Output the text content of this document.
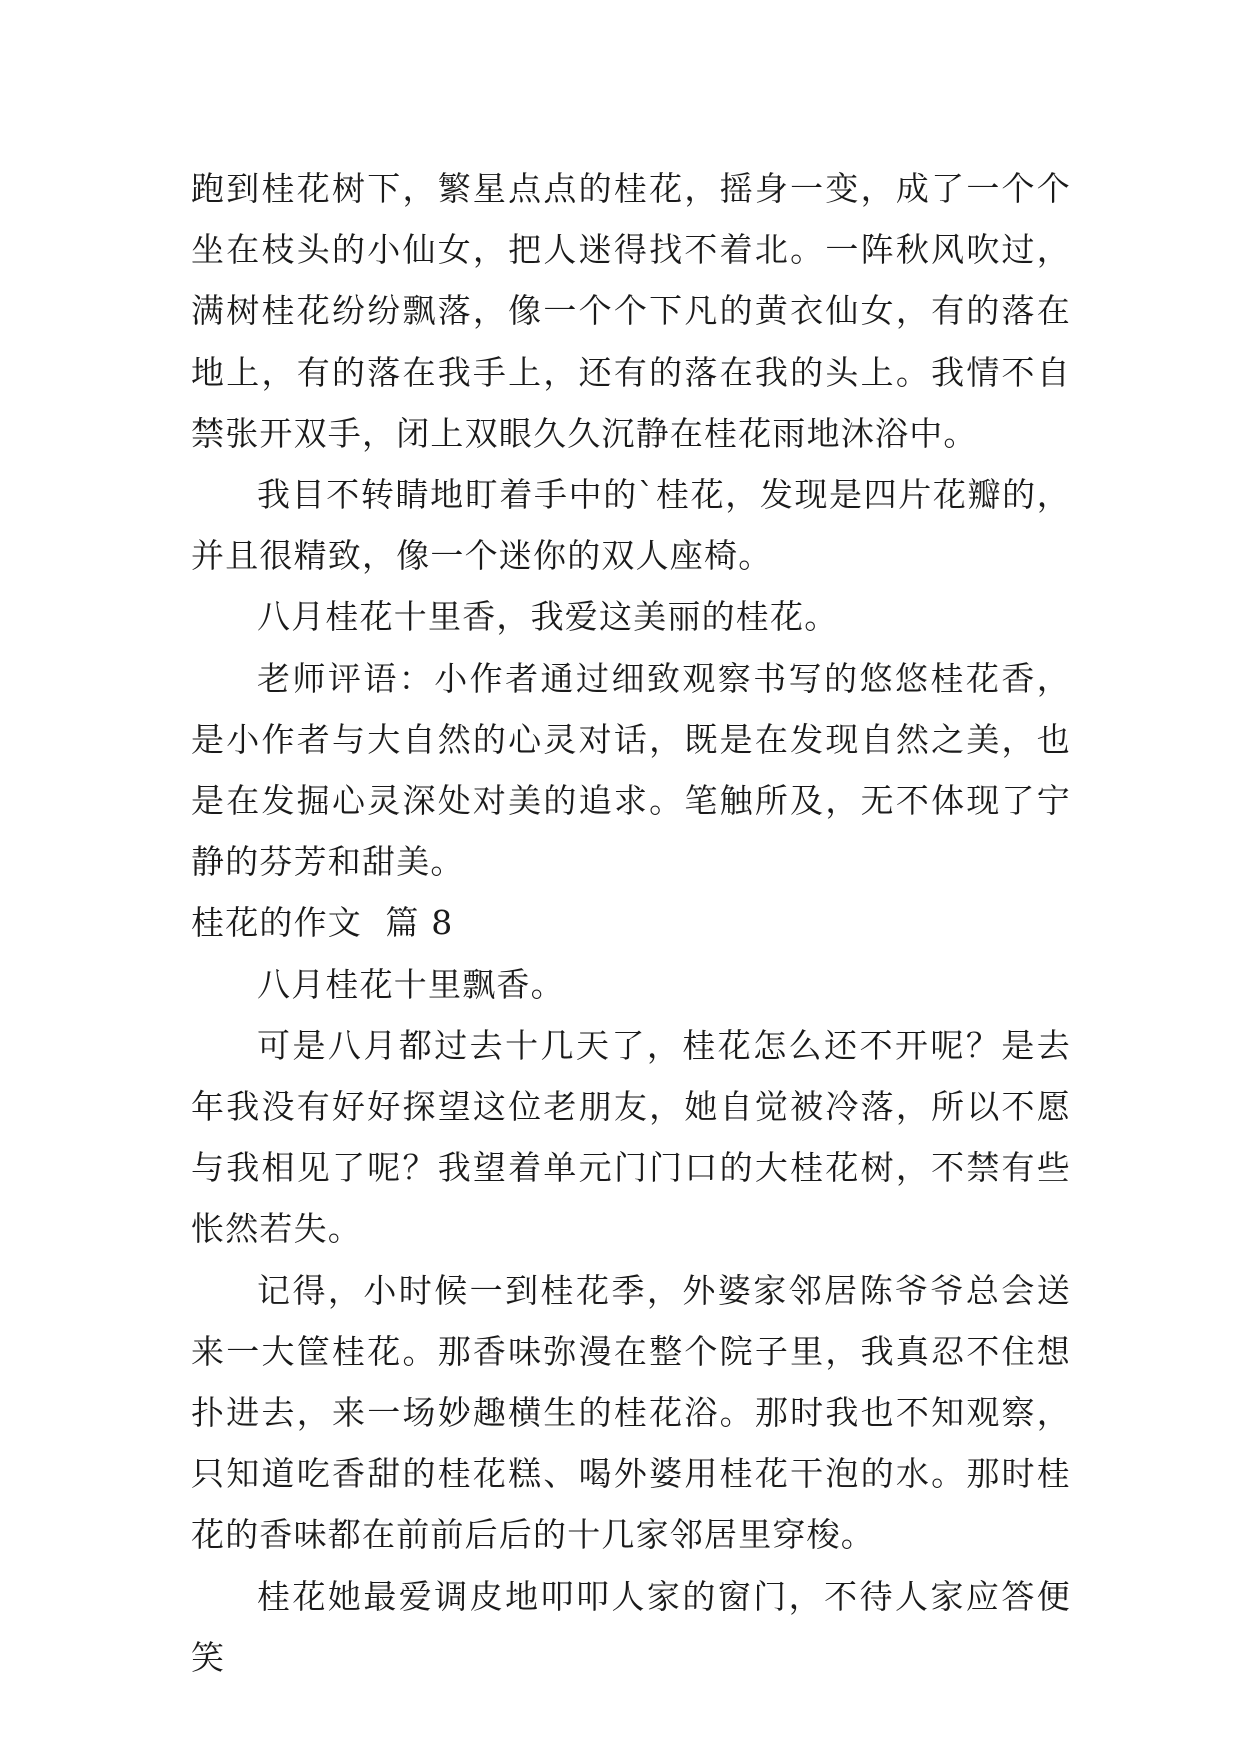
跑到桂花树下，繁星点点的桂花，摇身一变，成了一个个坐在枝头的小仙女，把人迷得找不着北。一阵秋风吹过，满树桂花纷纷飘落，像一个个下凡的黄衣仙女，有的落在地上，有的落在我手上，还有的落在我的头上。我情不自禁张开双手，闭上双眼久久沉静在桂花雨地沐浴中。

我目不转睛地盯着手中的`桂花，发现是四片花瓣的，并且很精致，像一个迷你的双人座椅。

八月桂花十里香，我爱这美丽的桂花。

老师评语：小作者通过细致观察书写的悠悠桂花香，是小作者与大自然的心灵对话，既是在发现自然之美，也是在发掘心灵深处对美的追求。笔触所及，无不体现了宁静的芬芳和甜美。

桂花的作文  篇 8

八月桂花十里飘香。

可是八月都过去十几天了，桂花怎么还不开呢？是去年我没有好好探望这位老朋友，她自觉被冷落，所以不愿与我相见了呢？我望着单元门门口的大桂花树，不禁有些怅然若失。

记得，小时候一到桂花季，外婆家邻居陈爷爷总会送来一大筐桂花。那香味弥漫在整个院子里，我真忍不住想扑进去，来一场妙趣横生的桂花浴。那时我也不知观察，只知道吃香甜的桂花糕、喝外婆用桂花干泡的水。那时桂花的香味都在前前后后的十几家邻居里穿梭。

桂花她最爱调皮地叩叩人家的窗门，不待人家应答便笑
